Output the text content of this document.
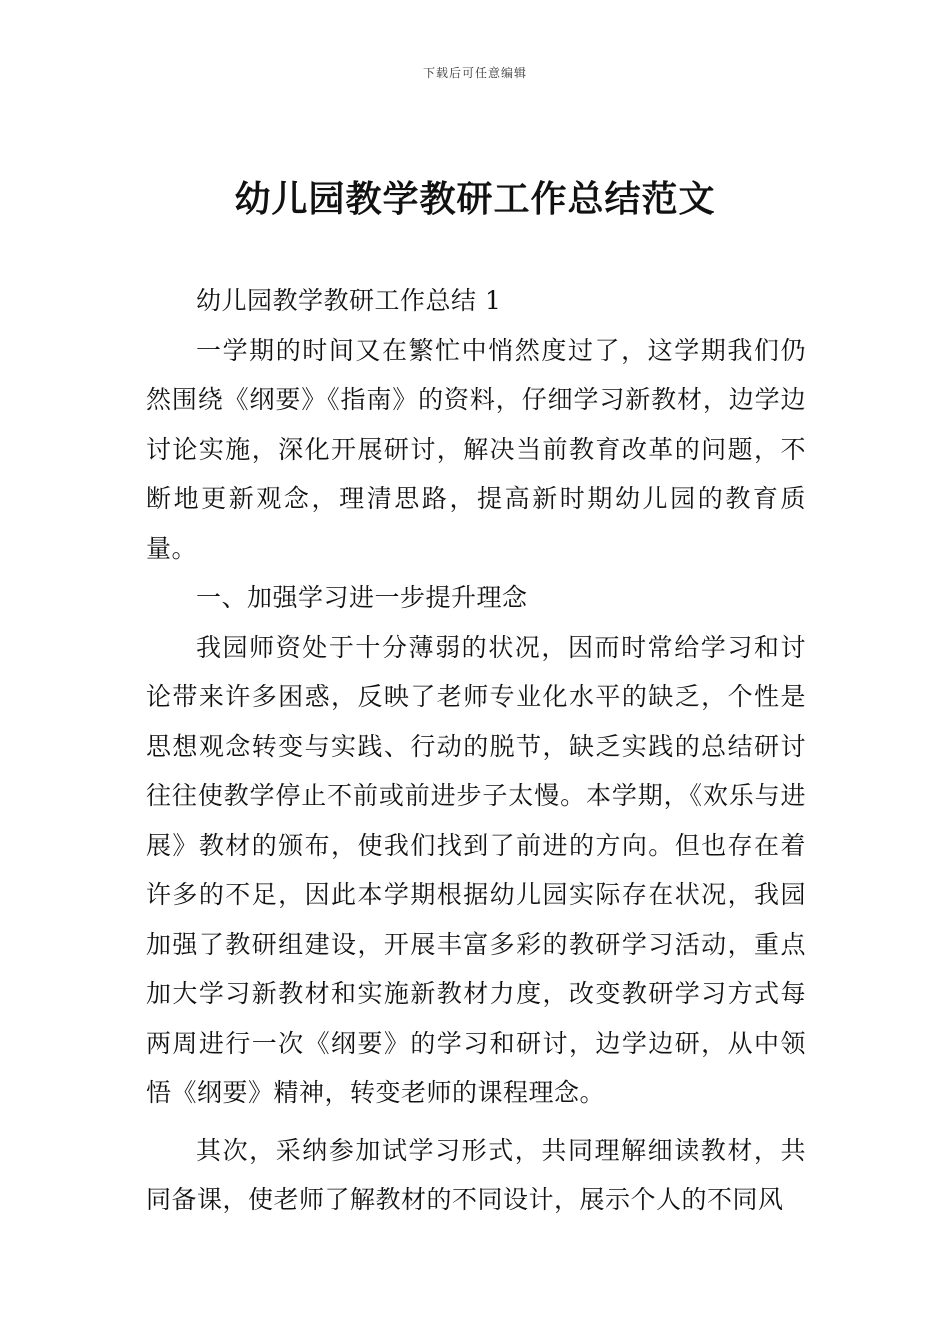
下载后可任意编辑
幼儿园教学教研工作总结范文

幼儿园教学教研工作总结 1

一学期的时间又在繁忙中悄然度过了，这学期我们仍然围绕《纲要》《指南》的资料，仔细学习新教材，边学边讨论实施，深化开展研讨，解决当前教育改革的问题，不断地更新观念，理清思路，提高新时期幼儿园的教育质量。

一、加强学习进一步提升理念

我园师资处于十分薄弱的状况，因而时常给学习和讨论带来许多困惑，反映了老师专业化水平的缺乏，个性是思想观念转变与实践、行动的脱节，缺乏实践的总结研讨往往使教学停止不前或前进步子太慢。本学期，《欢乐与进展》教材的颁布，使我们找到了前进的方向。但也存在着许多的不足，因此本学期根据幼儿园实际存在状况，我园加强了教研组建设，开展丰富多彩的教研学习活动，重点加大学习新教材和实施新教材力度，改变教研学习方式每两周进行一次《纲要》的学习和研讨，边学边研，从中领悟《纲要》精神，转变老师的课程理念。

其次，采纳参加试学习形式，共同理解细读教材，共同备课，使老师了解教材的不同设计，展示个人的不同风
